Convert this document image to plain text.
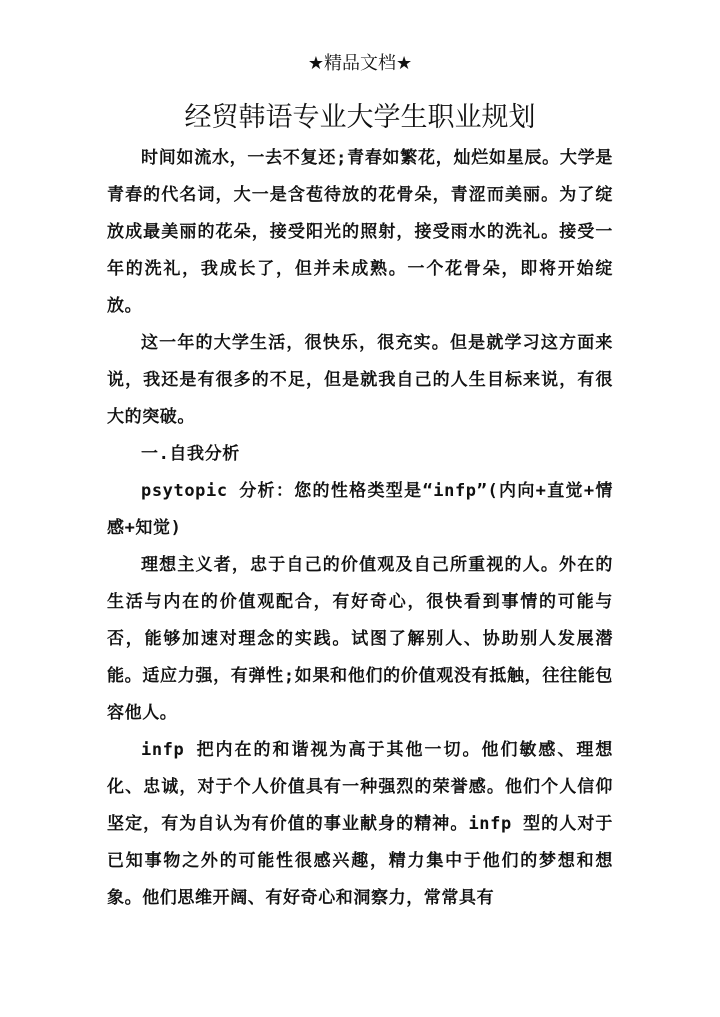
★精品文档★
经贸韩语专业大学生职业规划

时间如流水，一去不复还;青春如繁花，灿烂如星辰。大学是青春的代名词，大一是含苞待放的花骨朵，青涩而美丽。为了绽放成最美丽的花朵，接受阳光的照射，接受雨水的洗礼。接受一年的洗礼，我成长了，但并未成熟。一个花骨朵，即将开始绽放。

这一年的大学生活，很快乐，很充实。但是就学习这方面来说，我还是有很多的不足，但是就我自己的人生目标来说，有很大的突破。

一.自我分析

psytopic 分析：您的性格类型是“infp”(内向+直觉+情感+知觉)

理想主义者，忠于自己的价值观及自己所重视的人。外在的生活与内在的价值观配合，有好奇心，很快看到事情的可能与否，能够加速对理念的实践。试图了解别人、协助别人发展潜能。适应力强，有弹性;如果和他们的价值观没有抵触，往往能包容他人。

infp 把内在的和谐视为高于其他一切。他们敏感、理想化、忠诚，对于个人价值具有一种强烈的荣誉感。他们个人信仰坚定，有为自认为有价值的事业献身的精神。infp 型的人对于已知事物之外的可能性很感兴趣，精力集中于他们的梦想和想象。他们思维开阔、有好奇心和洞察力，常常具有
